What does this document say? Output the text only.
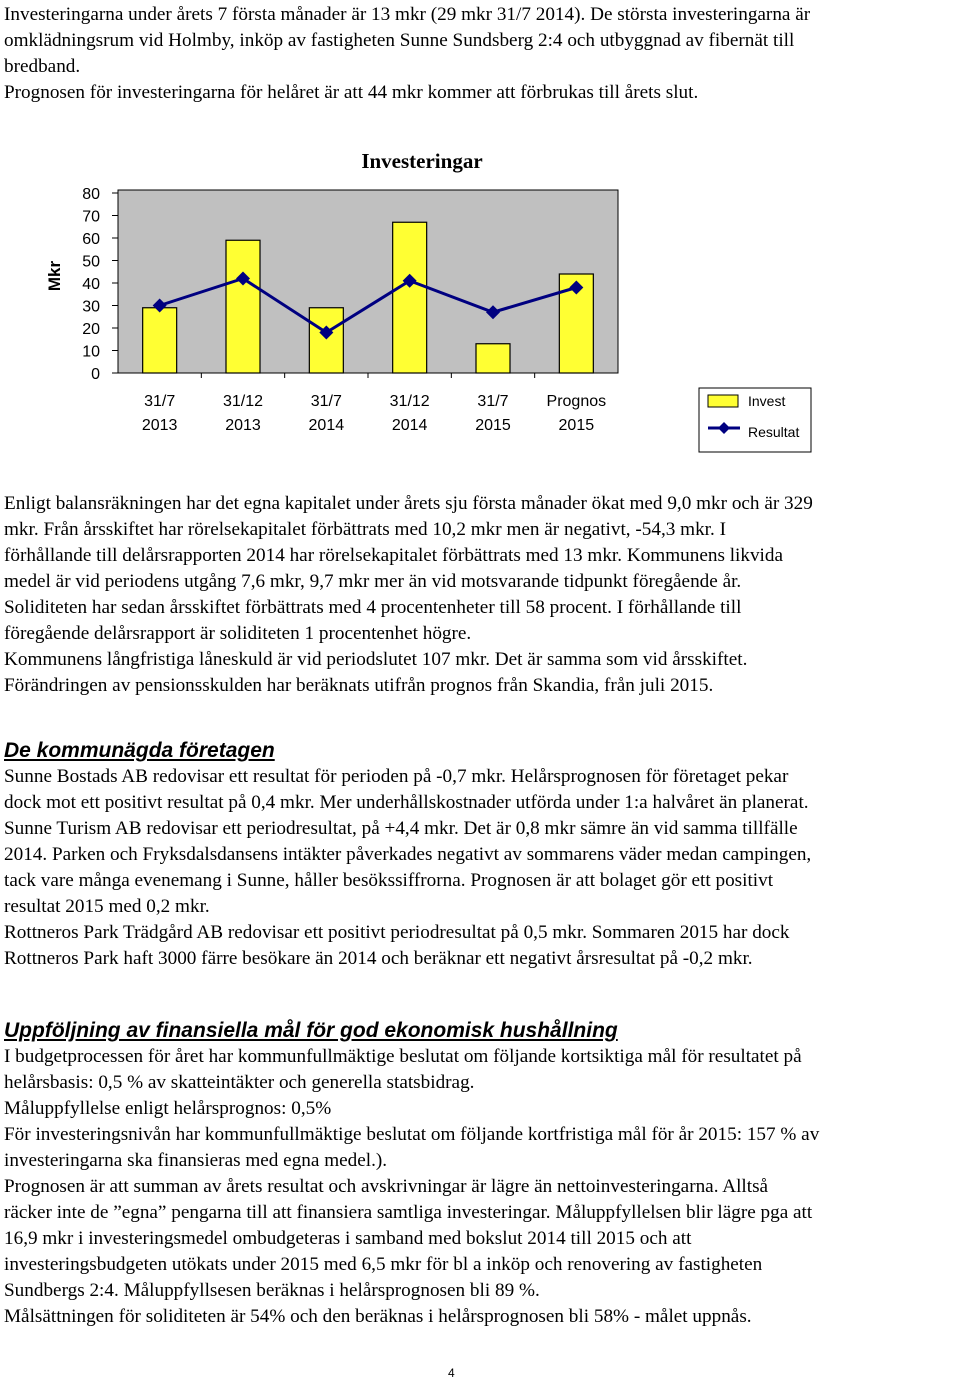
Investeringarna under årets 7 första månader är 13 mkr (29 mkr 31/7 2014). De största investeringarna är
omklädningsrum vid Holmby, inköp av fastigheten Sunne Sundsberg 2:4 och utbyggnad av fibernät till
bredband.
Prognosen för investeringarna för helåret är att 44 mkr kommer att förbrukas till årets slut.
0
10
20
30
40
50
60
70
80
31/7
2013
31/12
2013
31/7
2014
31/12
2014
31/7
2015
Prognos
2015
Investeringar
Mkr
Invest
Resultat
Enligt balansräkningen har det egna kapitalet under årets sju första månader ökat med 9,0 mkr och är 329
mkr. Från årsskiftet har rörelsekapitalet förbättrats med 10,2 mkr men är negativt, -54,3 mkr. I
förhållande till delårsrapporten 2014 har rörelsekapitalet förbättrats med 13 mkr. Kommunens likvida
medel är vid periodens utgång 7,6 mkr, 9,7 mkr mer än vid motsvarande tidpunkt föregående år.
Soliditeten har sedan årsskiftet förbättrats med 4 procentenheter till 58 procent. I förhållande till
föregående delårsrapport är soliditeten 1 procentenhet högre.
Kommunens långfristiga låneskuld är vid periodslutet 107 mkr. Det är samma som vid årsskiftet.
Förändringen av pensionsskulden har beräknats utifrån prognos från Skandia, från juli 2015.
De kommunägda företagen
Sunne Bostads AB redovisar ett resultat för perioden på -0,7 mkr. Helårsprognosen för företaget pekar
dock mot ett positivt resultat på 0,4 mkr. Mer underhållskostnader utförda under 1:a halvåret än planerat.
Sunne Turism AB redovisar ett periodresultat, på +4,4 mkr. Det är 0,8 mkr sämre än vid samma tillfälle
2014. Parken och Fryksdalsdansens intäkter påverkades negativt av sommarens väder medan campingen,
tack vare många evenemang i Sunne, håller besökssiffrorna. Prognosen är att bolaget gör ett positivt
resultat 2015 med 0,2 mkr.
Rottneros Park Trädgård AB redovisar ett positivt periodresultat på 0,5 mkr. Sommaren 2015 har dock
Rottneros Park haft 3000 färre besökare än 2014 och beräknar ett negativt årsresultat på -0,2 mkr.
Uppföljning av finansiella mål för god ekonomisk hushållning
I budgetprocessen för året har kommunfullmäktige beslutat om följande kortsiktiga mål för resultatet på
helårsbasis: 0,5 % av skatteintäkter och generella statsbidrag.
Måluppfyllelse enligt helårsprognos: 0,5%
För investeringsnivån har kommunfullmäktige beslutat om följande kortfristiga mål för år 2015: 157 % av
investeringarna ska finansieras med egna medel.).
Prognosen är att summan av årets resultat och avskrivningar är lägre än nettoinvesteringarna. Alltså
räcker inte de ”egna” pengarna till att finansiera samtliga investeringar. Måluppfyllelsen blir lägre pga att
16,9 mkr i investeringsmedel ombudgeteras i samband med bokslut 2014 till 2015 och att
investeringsbudgeten utökats under 2015 med 6,5 mkr för bl a inköp och renovering av fastigheten
Sundbergs 2:4. Måluppfyllsesen beräknas i helårsprognosen bli 89 %.
Målsättningen för soliditeten är 54% och den beräknas i helårsprognosen bli 58% - målet uppnås.
4
